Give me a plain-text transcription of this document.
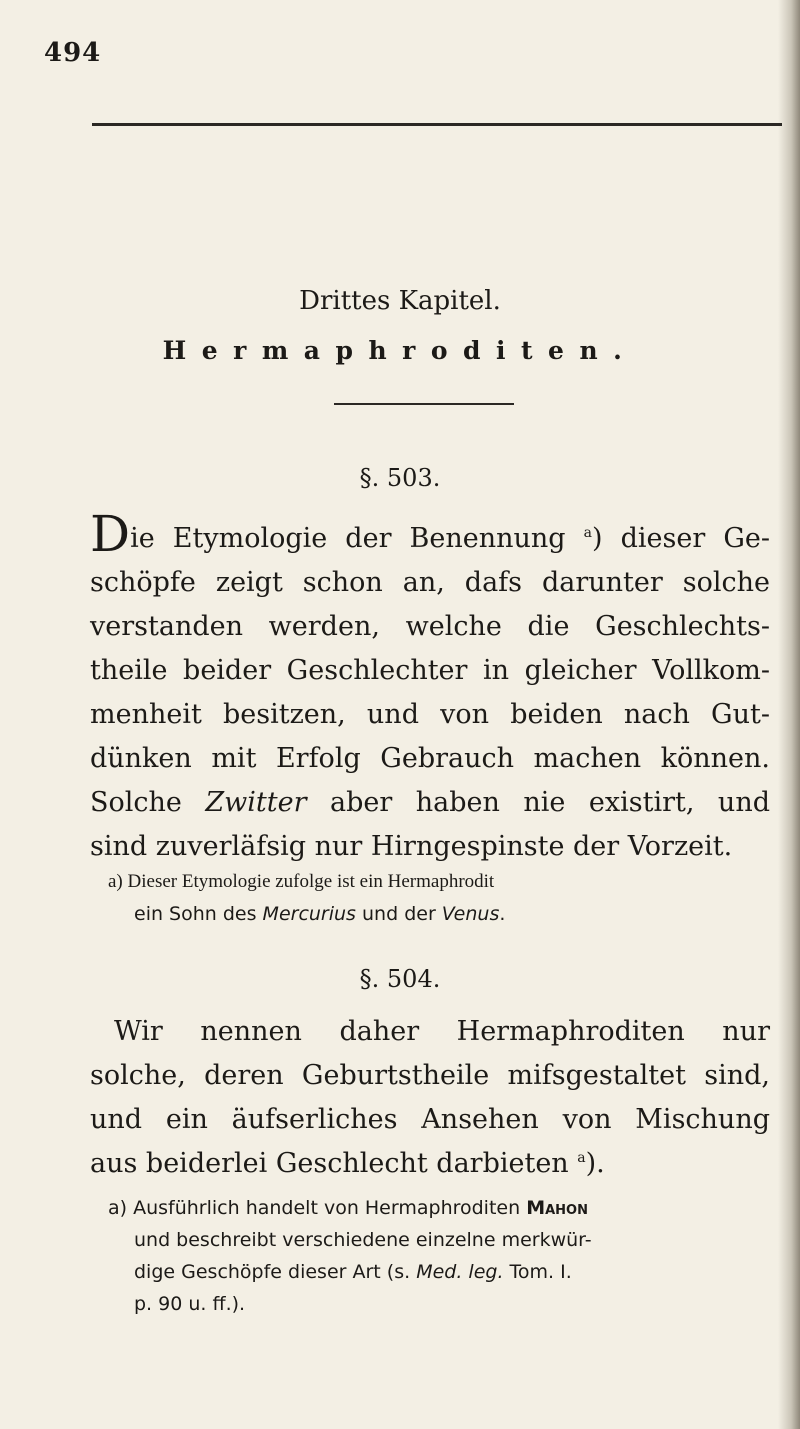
494
Drittes Kapitel.
Hermaphroditen.
§. 503.
Die Etymologie der Benennung $^a$) dieser Ge-
schöpfe zeigt schon an, dafs darunter solche
verstanden werden, welche die Geschlechts-
theile beider Geschlechter in gleicher Vollkom-
menheit besitzen, und von beiden nach Gut-
dünken mit Erfolg Gebrauch machen können.
Solche Zwitter aber haben nie existirt, und
sind zuverläfsig nur Hirngespinste der Vorzeit.
a) Dieser Etymologie zufolge ist ein Hermaphrodit
ein Sohn des Mercurius und der Venus.
§. 504.
Wir nennen daher Hermaphroditen nur
solche, deren Geburtstheile mifsgestaltet sind,
und ein äufserliches Ansehen von Mischung
aus beiderlei Geschlecht darbieten $^a$).
a) Ausführlich handelt von Hermaphroditen Mahon
und beschreibt verschiedene einzelne merkwür-
dige Geschöpfe dieser Art (s. Med. leg. Tom. I.
p. 90 u. ff.).
